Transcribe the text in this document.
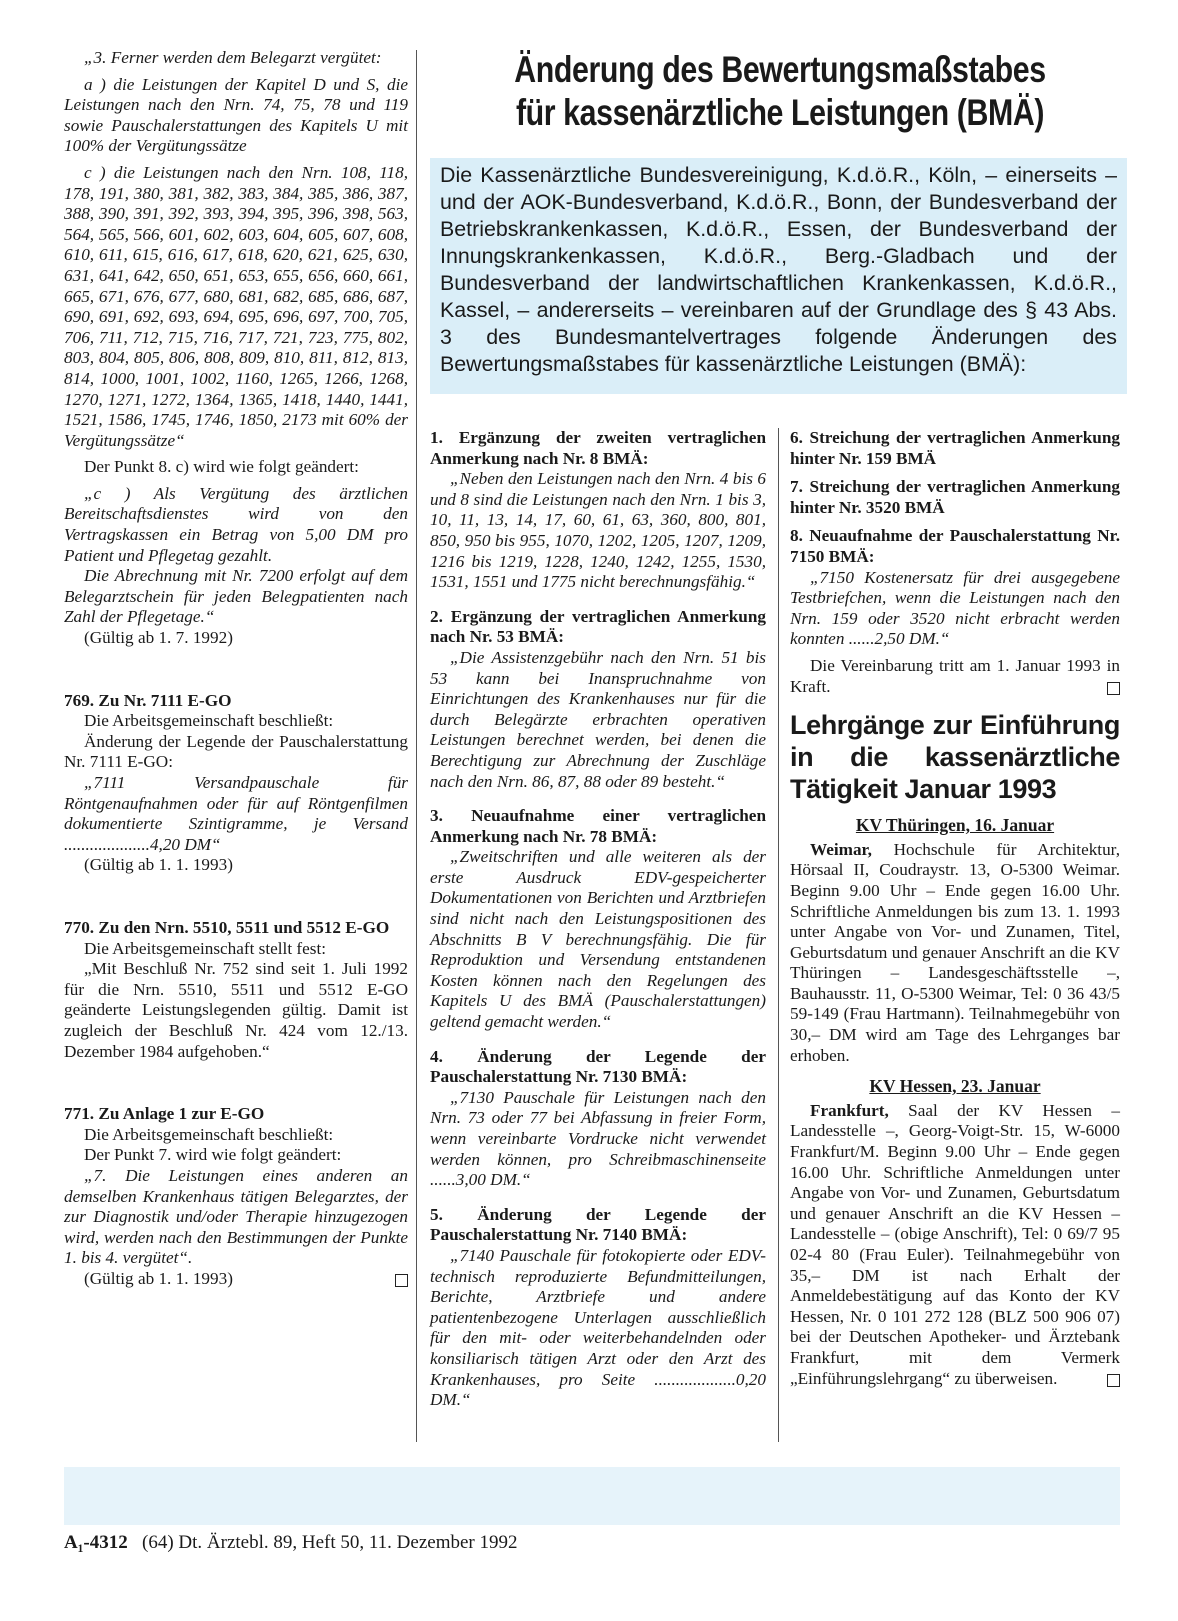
„3. Ferner werden dem Belegarzt vergütet:

a ) die Leistungen der Kapitel D und S, die Leistungen nach den Nrn. 74, 75, 78 und 119 sowie Pauschalerstattungen des Kapitels U mit 100% der Vergütungssätze

c ) die Leistungen nach den Nrn. 108, 118, 178, 191, 380, 381, 382, 383, 384, 385, 386, 387, 388, 390, 391, 392, 393, 394, 395, 396, 398, 563, 564, 565, 566, 601, 602, 603, 604, 605, 607, 608, 610, 611, 615, 616, 617, 618, 620, 621, 625, 630, 631, 641, 642, 650, 651, 653, 655, 656, 660, 661, 665, 671, 676, 677, 680, 681, 682, 685, 686, 687, 690, 691, 692, 693, 694, 695, 696, 697, 700, 705, 706, 711, 712, 715, 716, 717, 721, 723, 775, 802, 803, 804, 805, 806, 808, 809, 810, 811, 812, 813, 814, 1000, 1001, 1002, 1160, 1265, 1266, 1268, 1270, 1271, 1272, 1364, 1365, 1418, 1440, 1441, 1521, 1586, 1745, 1746, 1850, 2173 mit 60% der Vergütungssätze“

Der Punkt 8. c) wird wie folgt geändert:

„c ) Als Vergütung des ärztlichen Bereitschaftsdienstes wird von den Vertragskassen ein Betrag von 5,00 DM pro Patient und Pflegetag gezahlt.

Die Abrechnung mit Nr. 7200 erfolgt auf dem Belegarztschein für jeden Belegpatienten nach Zahl der Pflegetage.“

(Gültig ab 1. 7. 1992)

769. Zu Nr. 7111 E-GO

Die Arbeitsgemeinschaft beschließt:

Änderung der Legende der Pauschalerstattung Nr. 7111 E-GO:

„7111 Versandpauschale für Röntgenaufnahmen oder für auf Röntgenfilmen dokumentierte Szintigramme, je Versand ....................4,20 DM“

(Gültig ab 1. 1. 1993)

770. Zu den Nrn. 5510, 5511 und 5512 E-GO

Die Arbeitsgemeinschaft stellt fest:

„Mit Beschluß Nr. 752 sind seit 1. Juli 1992 für die Nrn. 5510, 5511 und 5512 E-GO geänderte Leistungslegenden gültig. Damit ist zugleich der Beschluß Nr. 424 vom 12./13. Dezember 1984 aufgehoben.“

771. Zu Anlage 1 zur E-GO

Die Arbeitsgemeinschaft beschließt:

Der Punkt 7. wird wie folgt geändert:

„7. Die Leistungen eines anderen an demselben Krankenhaus tätigen Belegarztes, der zur Diagnostik und/oder Therapie hinzugezogen wird, werden nach den Bestimmungen der Punkte 1. bis 4. vergütet“.

(Gültig ab 1. 1. 1993)

Änderung des Bewertungsmaßstabes
für kassenärztliche Leistungen (BMÄ)

Die Kassenärztliche Bundesvereinigung, K.d.ö.R., Köln, – einerseits – und der AOK-Bundesverband, K.d.ö.R., Bonn, der Bundesverband der Betriebskrankenkassen, K.d.ö.R., Essen, der Bundesverband der Innungskrankenkassen, K.d.ö.R., Berg.-Gladbach und der Bundesverband der landwirtschaftlichen Krankenkassen, K.d.ö.R., Kassel, – andererseits – vereinbaren auf der Grundlage des § 43 Abs. 3 des Bundesmantelvertrages folgende Änderungen des Bewertungsmaßstabes für kassenärztliche Leistungen (BMÄ):

1. Ergänzung der zweiten vertraglichen Anmerkung nach Nr. 8 BMÄ:

„Neben den Leistungen nach den Nrn. 4 bis 6 und 8 sind die Leistungen nach den Nrn. 1 bis 3, 10, 11, 13, 14, 17, 60, 61, 63, 360, 800, 801, 850, 950 bis 955, 1070, 1202, 1205, 1207, 1209, 1216 bis 1219, 1228, 1240, 1242, 1255, 1530, 1531, 1551 und 1775 nicht berechnungsfähig.“

2. Ergänzung der vertraglichen Anmerkung nach Nr. 53 BMÄ:

„Die Assistenzgebühr nach den Nrn. 51 bis 53 kann bei Inanspruchnahme von Einrichtungen des Krankenhauses nur für die durch Belegärzte erbrachten operativen Leistungen berechnet werden, bei denen die Berechtigung zur Abrechnung der Zuschläge nach den Nrn. 86, 87, 88 oder 89 besteht.“

3. Neuaufnahme einer vertraglichen Anmerkung nach Nr. 78 BMÄ:

„Zweitschriften und alle weiteren als der erste Ausdruck EDV-gespeicherter Dokumentationen von Berichten und Arztbriefen sind nicht nach den Leistungspositionen des Abschnitts B V berechnungsfähig. Die für Reproduktion und Versendung entstandenen Kosten können nach den Regelungen des Kapitels U des BMÄ (Pauschalerstattungen) geltend gemacht werden.“

4. Änderung der Legende der Pauschalerstattung Nr. 7130 BMÄ:

„7130 Pauschale für Leistungen nach den Nrn. 73 oder 77 bei Abfassung in freier Form, wenn vereinbarte Vordrucke nicht verwendet werden können, pro Schreibmaschinenseite ......3,00 DM.“

5. Änderung der Legende der Pauschalerstattung Nr. 7140 BMÄ:

„7140 Pauschale für fotokopierte oder EDV-technisch reproduzierte Befundmitteilungen, Berichte, Arztbriefe und andere patientenbezogene Unterlagen ausschließlich für den mit- oder weiterbehandelnden oder konsiliarisch tätigen Arzt oder den Arzt des Krankenhauses, pro Seite ...................0,20 DM.“

6. Streichung der vertraglichen Anmerkung hinter Nr. 159 BMÄ

7. Streichung der vertraglichen Anmerkung hinter Nr. 3520 BMÄ

8. Neuaufnahme der Pauschalerstattung Nr. 7150 BMÄ:

„7150 Kostenersatz für drei ausgegebene Testbriefchen, wenn die Leistungen nach den Nrn. 159 oder 3520 nicht erbracht werden konnten ......2,50 DM.“

Die Vereinbarung tritt am 1. Januar 1993 in Kraft.

Lehrgänge zur Einführung in die kassenärztliche Tätigkeit Januar 1993

KV Thüringen, 16. Januar

Weimar, Hochschule für Architektur, Hörsaal II, Coudraystr. 13, O-5300 Weimar. Beginn 9.00 Uhr – Ende gegen 16.00 Uhr. Schriftliche Anmeldungen bis zum 13. 1. 1993 unter Angabe von Vor- und Zunamen, Titel, Geburtsdatum und genauer Anschrift an die KV Thüringen – Landesgeschäftsstelle –, Bauhausstr. 11, O-5300 Weimar, Tel: 0 36 43/5 59-149 (Frau Hartmann). Teilnahmegebühr von 30,– DM wird am Tage des Lehrganges bar erhoben.

KV Hessen, 23. Januar

Frankfurt, Saal der KV Hessen – Landesstelle –, Georg-Voigt-Str. 15, W-6000 Frankfurt/M. Beginn 9.00 Uhr – Ende gegen 16.00 Uhr. Schriftliche Anmeldungen unter Angabe von Vor- und Zunamen, Geburtsdatum und genauer Anschrift an die KV Hessen – Landesstelle – (obige Anschrift), Tel: 0 69/7 95 02-4 80 (Frau Euler). Teilnahmegebühr von 35,– DM ist nach Erhalt der Anmeldebestätigung auf das Konto der KV Hessen, Nr. 0 101 272 128 (BLZ 500 906 07) bei der Deutschen Apotheker- und Ärztebank Frankfurt, mit dem Vermerk „Einführungslehrgang“ zu überweisen.

A₁-4312 (64) Dt. Ärztebl. 89, Heft 50, 11. Dezember 1992
